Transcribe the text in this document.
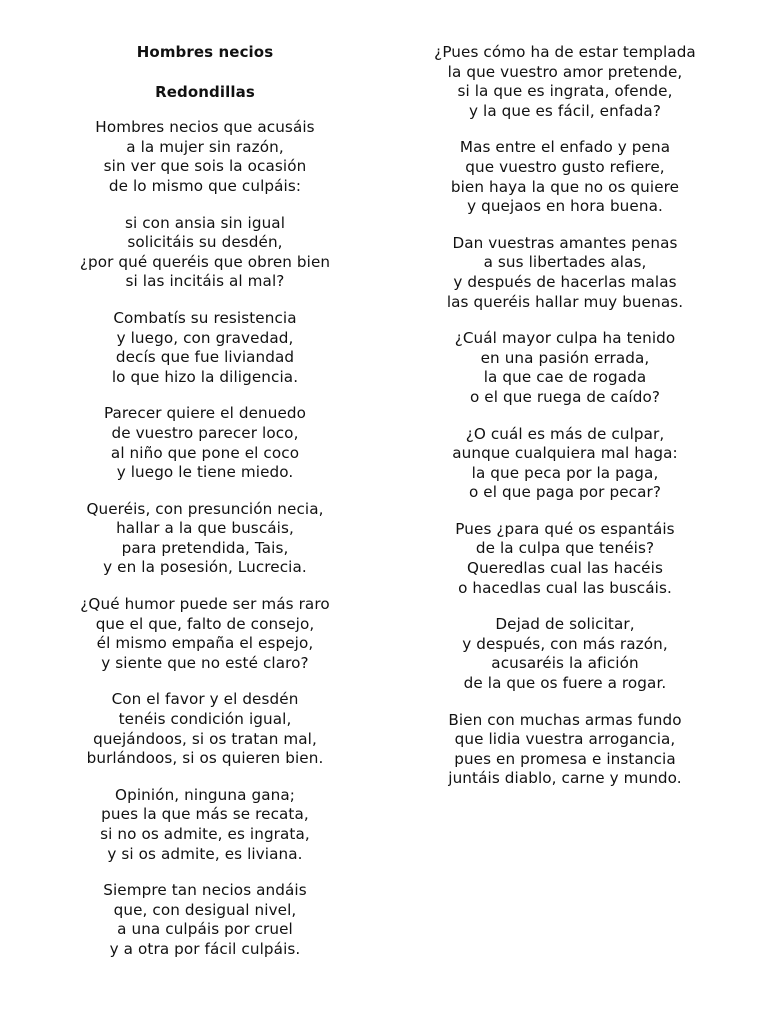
Hombres necios
Redondillas
Hombres necios que acusáis
a la mujer sin razón,
sin ver que sois la ocasión
de lo mismo que culpáis:
si con ansia sin igual
solicitáis su desdén,
¿por qué queréis que obren bien
si las incitáis al mal?
Combatís su resistencia
y luego, con gravedad,
decís que fue liviandad
lo que hizo la diligencia.
Parecer quiere el denuedo
de vuestro parecer loco,
al niño que pone el coco
y luego le tiene miedo.
Queréis, con presunción necia,
hallar a la que buscáis,
para pretendida, Tais,
y en la posesión, Lucrecia.
¿Qué humor puede ser más raro
que el que, falto de consejo,
él mismo empaña el espejo,
y siente que no esté claro?
Con el favor y el desdén
tenéis condición igual,
quejándoos, si os tratan mal,
burlándoos, si os quieren bien.
Opinión, ninguna gana;
pues la que más se recata,
si no os admite, es ingrata,
y si os admite, es liviana.
Siempre tan necios andáis
que, con desigual nivel,
a una culpáis por cruel
y a otra por fácil culpáis.
¿Pues cómo ha de estar templada
la que vuestro amor pretende,
si la que es ingrata, ofende,
y la que es fácil, enfada?
Mas entre el enfado y pena
que vuestro gusto refiere,
bien haya la que no os quiere
y quejaos en hora buena.
Dan vuestras amantes penas
a sus libertades alas,
y después de hacerlas malas
las queréis hallar muy buenas.
¿Cuál mayor culpa ha tenido
en una pasión errada,
la que cae de rogada
o el que ruega de caído?
¿O cuál es más de culpar,
aunque cualquiera mal haga:
la que peca por la paga,
o el que paga por pecar?
Pues ¿para qué os espantáis
de la culpa que tenéis?
Queredlas cual las hacéis
o hacedlas cual las buscáis.
Dejad de solicitar,
y después, con más razón,
acusaréis la afición
de la que os fuere a rogar.
Bien con muchas armas fundo
que lidia vuestra arrogancia,
pues en promesa e instancia
juntáis diablo, carne y mundo.
